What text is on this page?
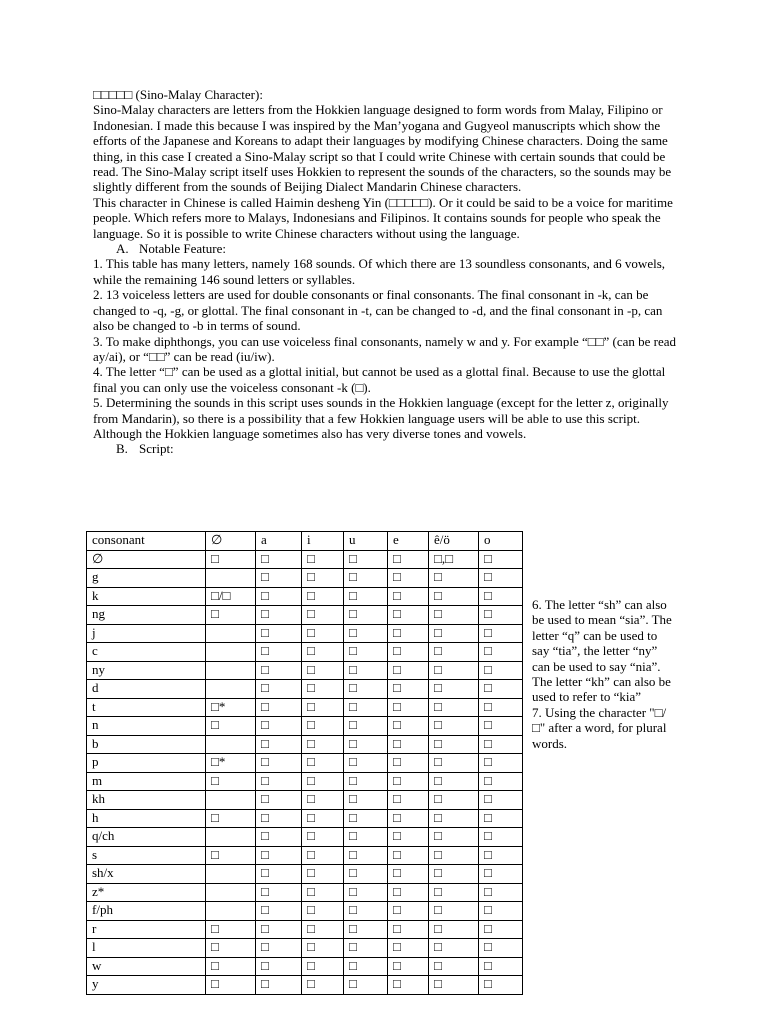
□□□□□ (Sino-Malay Character):

Sino-Malay characters are letters from the Hokkien language designed to form words from Malay, Filipino or Indonesian. I made this because I was inspired by the Man’yogana and Gugyeol manuscripts which show the efforts of the Japanese and Koreans to adapt their languages by modifying Chinese characters. Doing the same thing, in this case I created a Sino-Malay script so that I could write Chinese with certain sounds that could be read. The Sino-Malay script itself uses Hokkien to represent the sounds of the characters, so the sounds may be slightly different from the sounds of Beijing Dialect Mandarin Chinese characters.

This character in Chinese is called Haimin desheng Yin (□□□□□). Or it could be said to be a voice for maritime people. Which refers more to Malays, Indonesians and Filipinos. It contains sounds for people who speak the language. So it is possible to write Chinese characters without using the language.

A. Notable Feature:

1. This table has many letters, namely 168 sounds. Of which there are 13 soundless consonants, and 6 vowels, while the remaining 146 sound letters or syllables.

2. 13 voiceless letters are used for double consonants or final consonants. The final consonant in -k, can be changed to -q, -g, or glottal. The final consonant in -t, can be changed to -d, and the final consonant in -p, can also be changed to -b in terms of sound.

3. To make diphthongs, you can use voiceless final consonants, namely w and y. For example “□□” (can be read ay/ai), or “□□” can be read (iu/iw).

4. The letter “□” can be used as a glottal initial, but cannot be used as a glottal final. Because to use the glottal final you can only use the voiceless consonant -k (□).

5. Determining the sounds in this script uses sounds in the Hokkien language (except for the letter z, originally from Mandarin), so there is a possibility that a few Hokkien language users will be able to use this script. Although the Hokkien language sometimes also has very diverse tones and vowels.

B. Script:

consonant	∅	a	i	u	e	ê/ö	o
∅	□	□	□	□	□	□,□	□
g		□	□	□	□	□	□
k	□/□	□	□	□	□	□	□
ng	□	□	□	□	□	□	□
j		□	□	□	□	□	□
c		□	□	□	□	□	□
ny		□	□	□	□	□	□
d		□	□	□	□	□	□
t	□*	□	□	□	□	□	□
n	□	□	□	□	□	□	□
b		□	□	□	□	□	□
p	□*	□	□	□	□	□	□
m	□	□	□	□	□	□	□
kh		□	□	□	□	□	□
h	□	□	□	□	□	□	□
q/ch		□	□	□	□	□	□
s	□	□	□	□	□	□	□
sh/x		□	□	□	□	□	□
z*		□	□	□	□	□	□
f/ph		□	□	□	□	□	□
r	□	□	□	□	□	□	□
l	□	□	□	□	□	□	□
w	□	□	□	□	□	□	□
y	□	□	□	□	□	□	□

6. The letter “sh” can also be used to mean “sia”. The letter “q” can be used to say “tia”, the letter “ny” can be used to say “nia”. The letter “kh” can also be used to refer to “kia”

7. Using the character "□/□" after a word, for plural words.
